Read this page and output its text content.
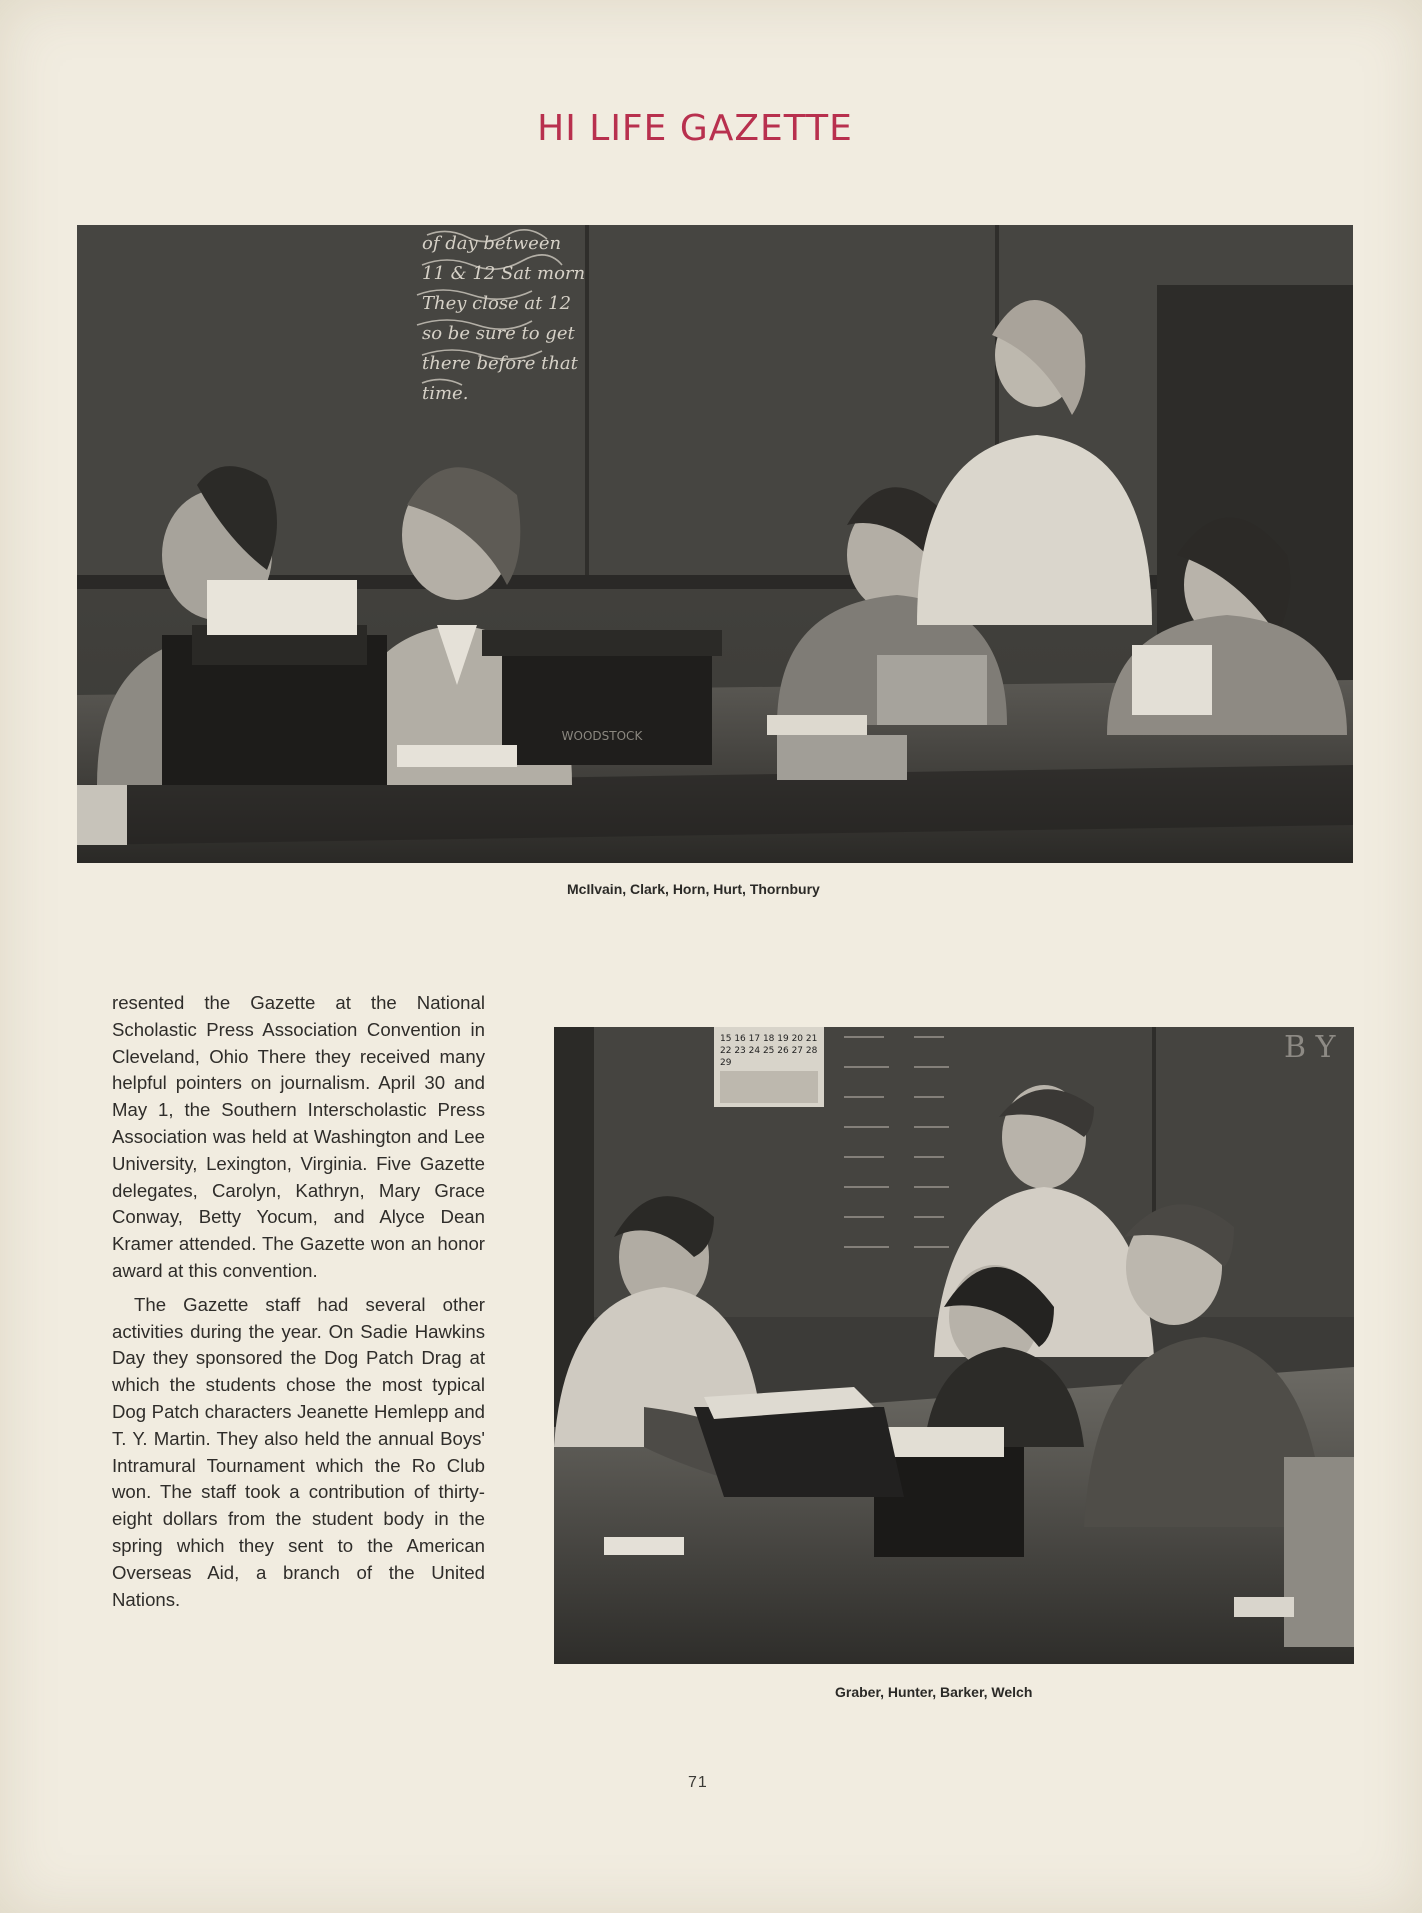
HI LIFE GAZETTE
WOODSTOCK
of day between
11 & 12 Sat morn
They close at 12
so be sure to get
there before that
time.
McIlvain, Clark, Horn, Hurt, Thornbury

resented the Gazette at the National Scholastic Press Association Convention in Cleveland, Ohio There they received many helpful pointers on journalism. April 30 and May 1, the Southern Interscholastic Press Association was held at Washington and Lee University, Lexington, Virginia. Five Gazette delegates, Carolyn, Kathryn, Mary Grace Conway, Betty Yocum, and Alyce Dean Kramer attended. The Gazette won an honor award at this convention.

The Gazette staff had several other activities during the year. On Sadie Hawkins Day they sponsored the Dog Patch Drag at which the students chose the most typical Dog Patch characters Jeanette Hemlepp and T. Y. Martin. They also held the annual Boys' Intramural Tournament which the Ro Club won. The staff took a contribution of thirty-eight dollars from the student body in the spring which they sent to the American Overseas Aid, a branch of the United Nations.

15 16 17 18 19 20 21
22 23 24 25 26 27 28
29	B Y
Graber, Hunter, Barker, Welch
71
